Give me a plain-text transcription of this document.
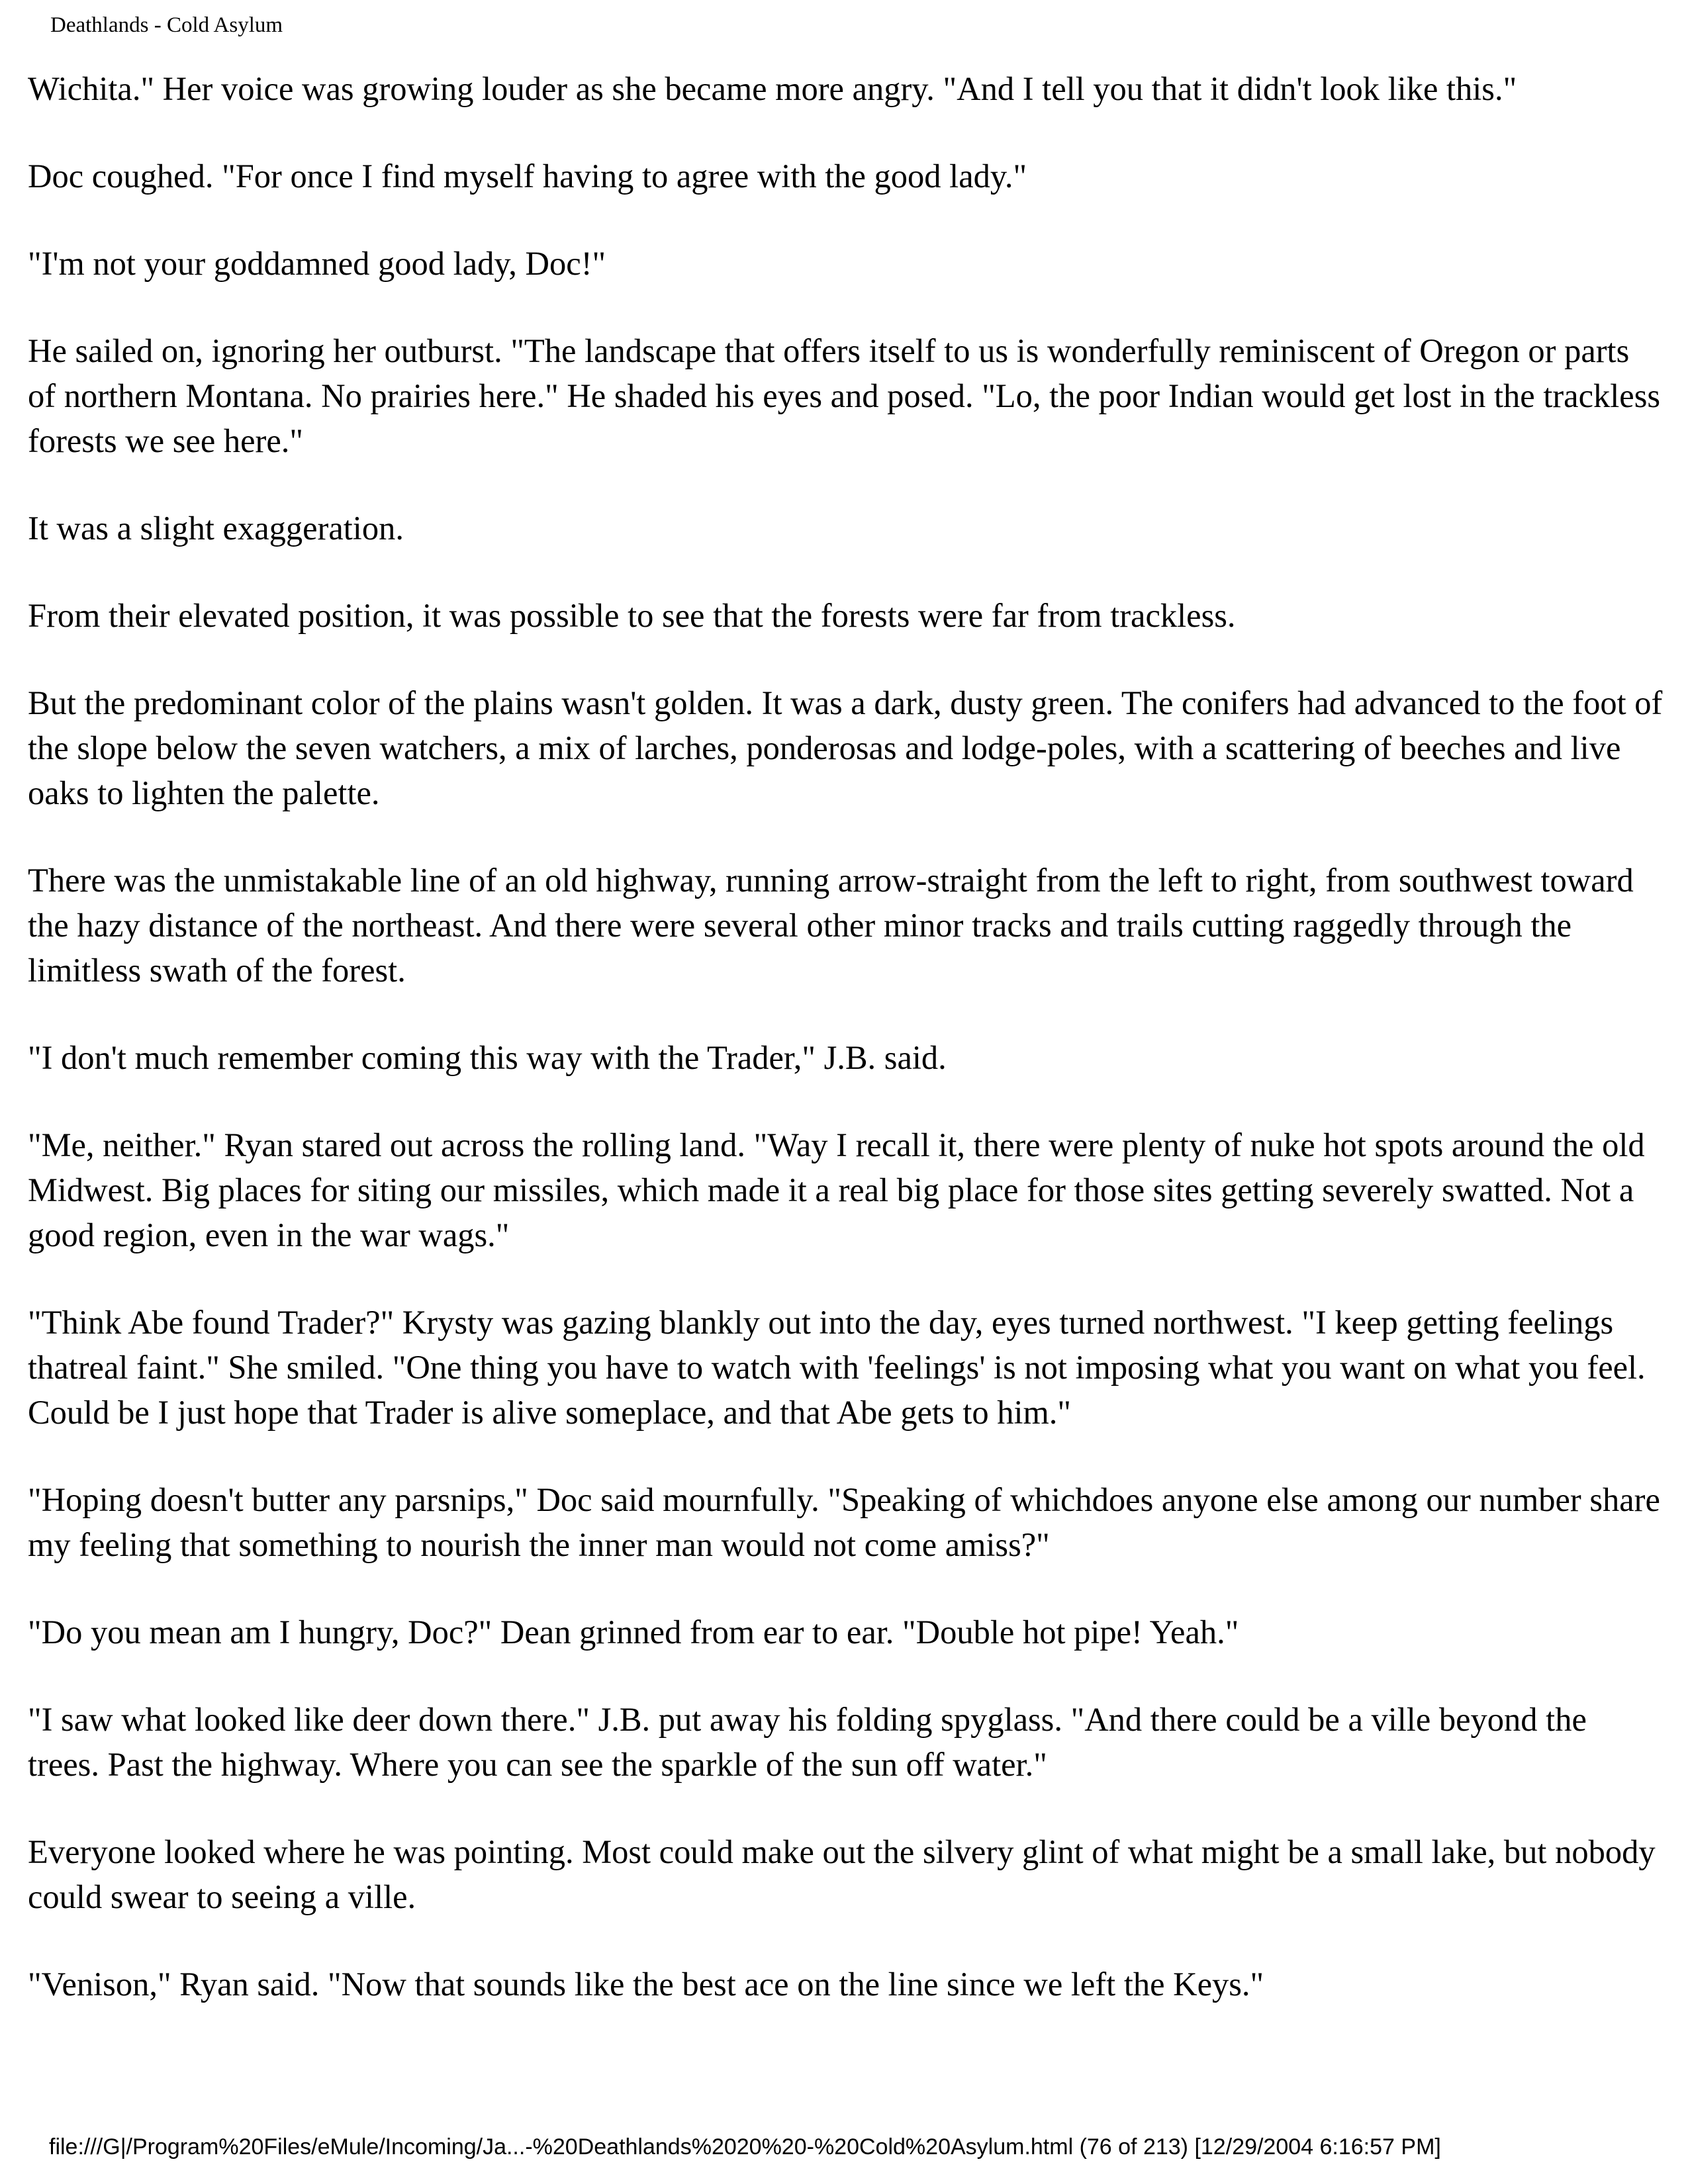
Deathlands - Cold Asylum

Wichita." Her voice was growing louder as she became more angry. "And I tell you that it didn't look like this."

Doc coughed. "For once I find myself having to agree with the good lady."

"I'm not your goddamned good lady, Doc!"

He sailed on, ignoring her outburst. "The landscape that offers itself to us is wonderfully reminiscent of Oregon or parts of northern Montana. No prairies here." He shaded his eyes and posed. "Lo, the poor Indian would get lost in the trackless forests we see here."

It was a slight exaggeration.

From their elevated position, it was possible to see that the forests were far from trackless.

But the predominant color of the plains wasn't golden. It was a dark, dusty green. The conifers had advanced to the foot of the slope below the seven watchers, a mix of larches, ponderosas and lodge-poles, with a scattering of beeches and live oaks to lighten the palette.

There was the unmistakable line of an old highway, running arrow-straight from the left to right, from southwest toward the hazy distance of the northeast. And there were several other minor tracks and trails cutting raggedly through the limitless swath of the forest.

"I don't much remember coming this way with the Trader," J.B. said.

"Me, neither." Ryan stared out across the rolling land. "Way I recall it, there were plenty of nuke hot spots around the old Midwest. Big places for siting our missiles, which made it a real big place for those sites getting severely swatted. Not a good region, even in the war wags."

"Think Abe found Trader?" Krysty was gazing blankly out into the day, eyes turned northwest. "I keep getting feelings thatreal faint." She smiled. "One thing you have to watch with 'feelings' is not imposing what you want on what you feel. Could be I just hope that Trader is alive someplace, and that Abe gets to him."

"Hoping doesn't butter any parsnips," Doc said mournfully. "Speaking of whichdoes anyone else among our number share my feeling that something to nourish the inner man would not come amiss?"

"Do you mean am I hungry, Doc?" Dean grinned from ear to ear. "Double hot pipe! Yeah."

"I saw what looked like deer down there." J.B. put away his folding spyglass. "And there could be a ville beyond the trees. Past the highway. Where you can see the sparkle of the sun off water."

Everyone looked where he was pointing. Most could make out the silvery glint of what might be a small lake, but nobody could swear to seeing a ville.

"Venison," Ryan said. "Now that sounds like the best ace on the line since we left the Keys."

file:///G|/Program%20Files/eMule/Incoming/Ja...-%20Deathlands%2020%20-%20Cold%20Asylum.html (76 of 213) [12/29/2004 6:16:57 PM]
